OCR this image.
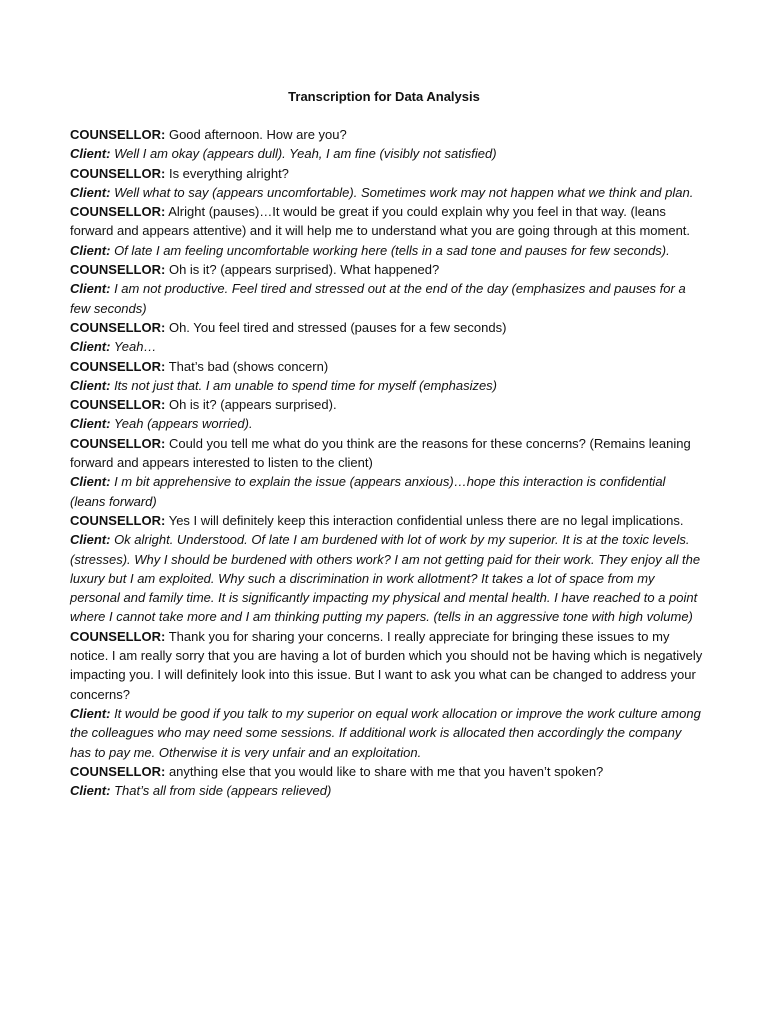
Transcription for Data Analysis

COUNSELLOR: Good afternoon. How are you?

Client: Well I am okay (appears dull). Yeah, I am fine (visibly not satisfied)

COUNSELLOR: Is everything alright?

Client: Well what to say (appears uncomfortable). Sometimes work may not happen what we think and plan.

COUNSELLOR: Alright (pauses)…It would be great if you could explain why you feel in that way. (leans forward and appears attentive) and it will help me to understand what you are going through at this moment.

Client: Of late I am feeling uncomfortable working here (tells in a sad tone and pauses for few seconds).

COUNSELLOR: Oh is it? (appears surprised). What happened?

Client: I am not productive. Feel tired and stressed out at the end of the day (emphasizes and pauses for a few seconds)

COUNSELLOR: Oh. You feel tired and stressed (pauses for a few seconds)

Client: Yeah…

COUNSELLOR: That’s bad (shows concern)

Client: Its not just that. I am unable to spend time for myself (emphasizes)

COUNSELLOR: Oh is it? (appears surprised).

Client: Yeah (appears worried).

COUNSELLOR: Could you tell me what do you think are the reasons for these concerns? (Remains leaning forward and appears interested to listen to the client)

Client: I m bit apprehensive to explain the issue (appears anxious)…hope this interaction is confidential (leans forward)

COUNSELLOR: Yes I will definitely keep this interaction confidential unless there are no legal implications.

Client: Ok alright. Understood. Of late I am burdened with lot of work by my superior. It is at the toxic levels. (stresses). Why I should be burdened with others work? I am not getting paid for their work. They enjoy all the luxury but I am exploited. Why such a discrimination in work allotment? It takes a lot of space from my personal and family time. It is significantly impacting my physical and mental health. I have reached to a point where I cannot take more and I am thinking putting my papers. (tells in an aggressive tone with high volume)

COUNSELLOR: Thank you for sharing your concerns. I really appreciate for bringing these issues to my notice. I am really sorry that you are having a lot of burden which you should not be having which is negatively impacting you. I will definitely look into this issue. But I want to ask you what can be changed to address your concerns?

Client: It would be good if you talk to my superior on equal work allocation or improve the work culture among the colleagues who may need some sessions. If additional work is allocated then accordingly the company has to pay me. Otherwise it is very unfair and an exploitation.

COUNSELLOR: anything else that you would like to share with me that you haven’t spoken?

Client: That’s all from side (appears relieved)
